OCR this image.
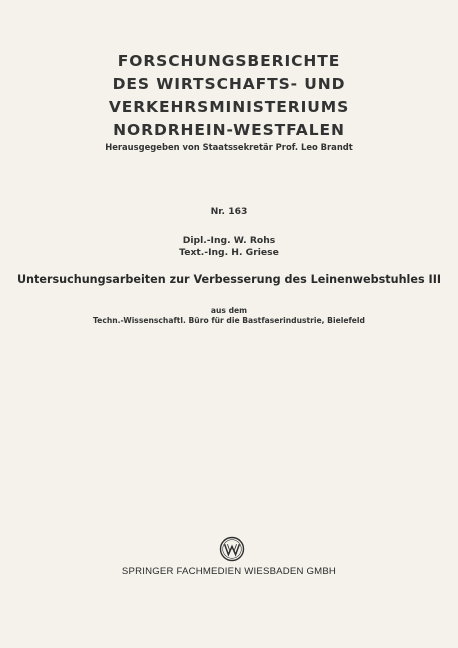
FORSCHUNGSBERICHTE
DES WIRTSCHAFTS- UND VERKEHRSMINISTERIUMS
NORDRHEIN-WESTFALEN
Herausgegeben von Staatssekretär Prof. Leo Brandt
Nr. 163
Dipl.-Ing. W. Rohs
Text.-Ing. H. Griese
Untersuchungsarbeiten zur Verbesserung des Leinenwebstuhles III
aus dem
Techn.-Wissenschaftl. Büro für die Bastfaserindustrie, Bielefeld
SPRINGER FACHMEDIEN WIESBADEN GMBH
